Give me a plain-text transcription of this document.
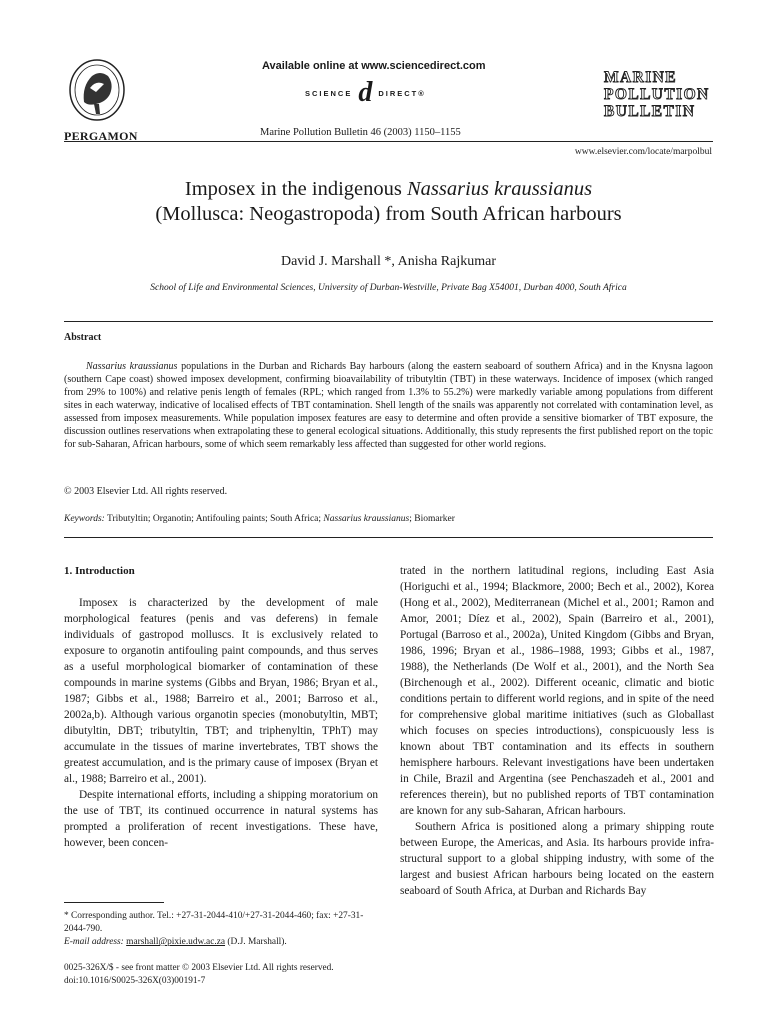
PERGAMON
Available online at www.sciencedirect.com
SCIENCE d DIRECT®
Marine Pollution Bulletin 46 (2003) 1150–1155
MARINE
POLLUTION
BULLETIN
www.elsevier.com/locate/marpolbul
Imposex in the indigenous Nassarius kraussianus
(Mollusca: Neogastropoda) from South African harbours
David J. Marshall *, Anisha Rajkumar
School of Life and Environmental Sciences, University of Durban-Westville, Private Bag X54001, Durban 4000, South Africa
Abstract

Nassarius kraussianus populations in the Durban and Richards Bay harbours (along the eastern seaboard of southern Africa) and in the Knysna lagoon (southern Cape coast) showed imposex development, confirming bioavailability of tributyltin (TBT) in these waterways. Incidence of imposex (which ranged from 29% to 100%) and relative penis length of females (RPL; which ranged from 1.3% to 55.2%) were markedly variable among populations from different sites in each waterway, indicative of localised effects of TBT contamination. Shell length of the snails was apparently not correlated with contamination level, as assessed from imposex measurements. While population imposex features are easy to determine and often provide a sensitive biomarker of TBT exposure, the discussion outlines reservations when extrapolating these to general ecological situations. Additionally, this study represents the first published report on the topic for sub-Saharan, African harbours, some of which seem remarkably less affected than suggested for other world regions.

© 2003 Elsevier Ltd. All rights reserved.
Keywords: Tributyltin; Organotin; Antifouling paints; South Africa; Nassarius kraussianus; Biomarker

1. Introduction

Imposex is characterized by the development of male morphological features (penis and vas deferens) in female individuals of gastropod molluscs. It is exclusively related to exposure to organotin antifouling paint compounds, and thus serves as a useful morphological biomarker of contamination of these compounds in marine systems (Gibbs and Bryan, 1986; Bryan et al., 1987; Gibbs et al., 1988; Barreiro et al., 2001; Barroso et al., 2002a,b). Although various organotin species (monobutyltin, MBT; dibutyltin, DBT; tributyltin, TBT; and triphenyltin, TPhT) may accumulate in the tissues of marine invertebrates, TBT shows the greatest accumulation, and is the primary cause of imposex (Bryan et al., 1988; Barreiro et al., 2001).

Despite international efforts, including a shipping moratorium on the use of TBT, its continued occurrence in natural systems has prompted a proliferation of recent investigations. These have, however, been concen-

* Corresponding author. Tel.: +27-31-2044-410/+27-31-2044-460; fax: +27-31-2044-790.
E-mail address: marshall@pixie.udw.ac.za (D.J. Marshall).
0025-326X/$ - see front matter © 2003 Elsevier Ltd. All rights reserved.
doi:10.1016/S0025-326X(03)00191-7

trated in the northern latitudinal regions, including East Asia (Horiguchi et al., 1994; Blackmore, 2000; Bech et al., 2002), Korea (Hong et al., 2002), Mediterranean (Michel et al., 2001; Ramon and Amor, 2001; Díez et al., 2002), Spain (Barreiro et al., 2001), Portugal (Barroso et al., 2002a), United Kingdom (Gibbs and Bryan, 1986, 1996; Bryan et al., 1986–1988, 1993; Gibbs et al., 1987, 1988), the Netherlands (De Wolf et al., 2001), and the North Sea (Birchenough et al., 2002). Different oceanic, climatic and biotic conditions pertain to different world regions, and in spite of the need for comprehensive global maritime initiatives (such as Globallast which focuses on species introductions), conspicuously less is known about TBT contamination and its effects in southern hemisphere harbours. Relevant investigations have been undertaken in Chile, Brazil and Argentina (see Penchaszadeh et al., 2001 and references therein), but no published reports of TBT contamination are known for any sub-Saharan, African harbours.

Southern Africa is positioned along a primary shipping route between Europe, the Americas, and Asia. Its harbours provide infra-structural support to a global shipping industry, with some of the largest and busiest African harbours being located on the eastern seaboard of South Africa, at Durban and Richards Bay
